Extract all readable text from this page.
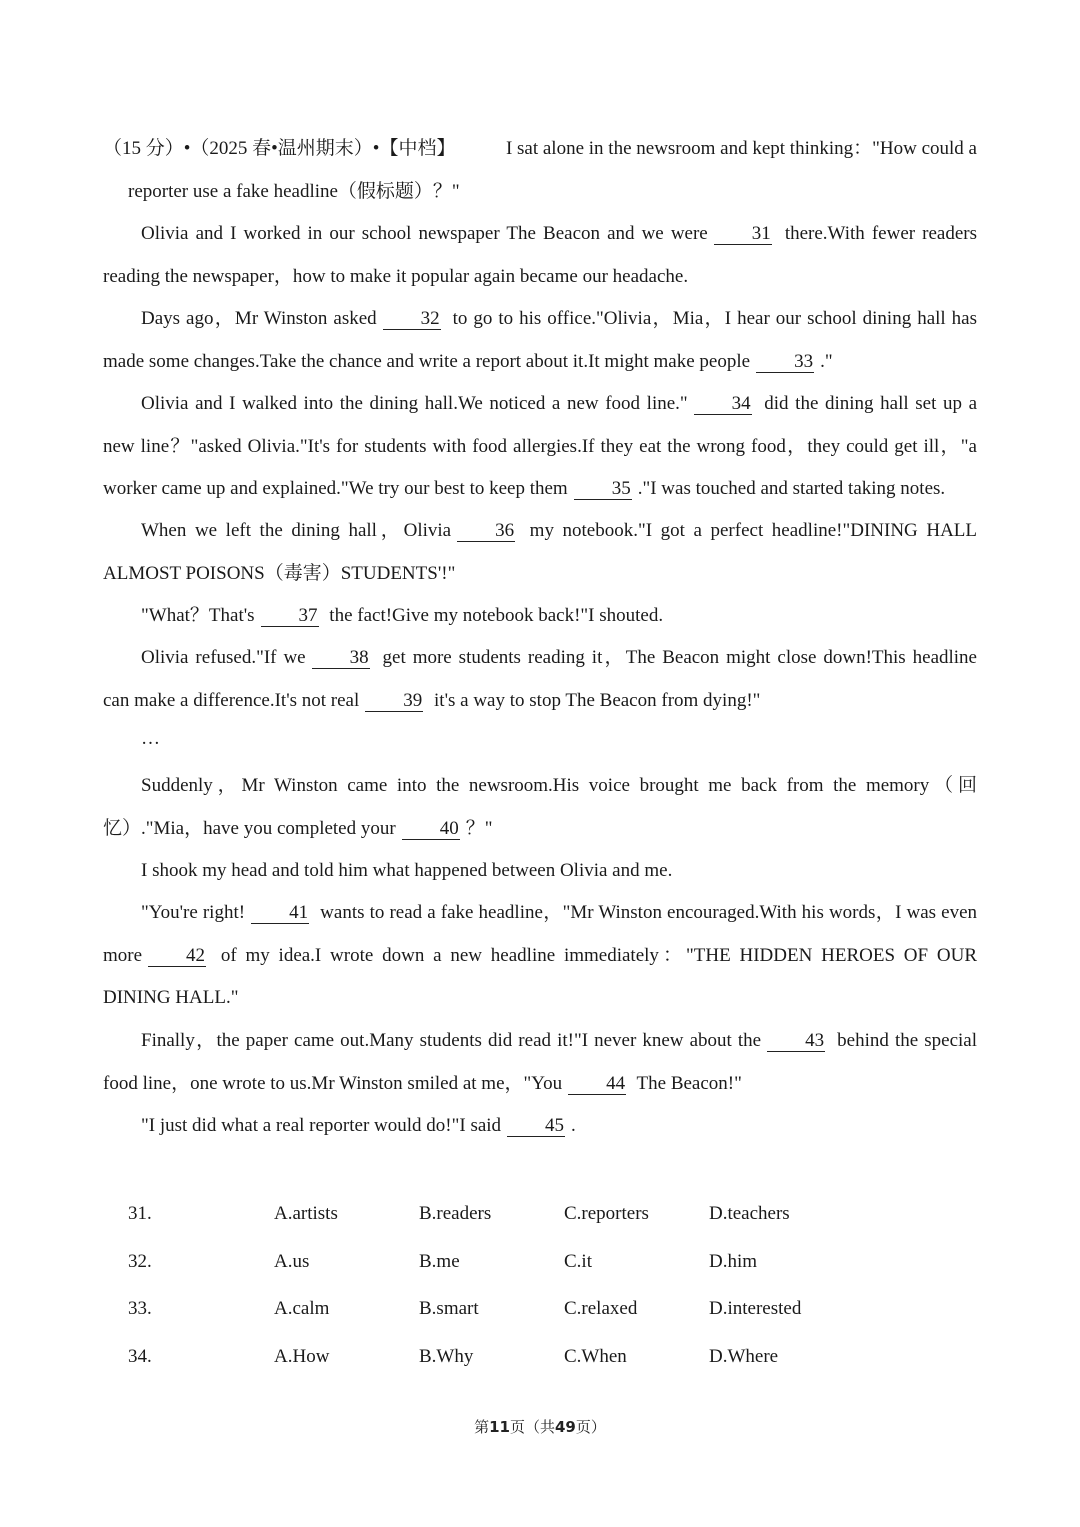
（15 分）•（2025 春•温州期末）•【中档】	I sat alone in the newsroom and kept thinking："How could a
reporter use a fake headline（假标题）？"

Olivia and I worked in our school newspaper The Beacon and we were 31 there.With fewer readers reading the newspaper，how to make it popular again became our headache.

Days ago，Mr Winston asked 32 to go to his office."Olivia，Mia，I hear our school dining hall has made some changes.Take the chance and write a report about it.It might make people 33 ."

Olivia and I walked into the dining hall.We noticed a new food line." 34 did the dining hall set up a new line？"asked Olivia."It's for students with food allergies.If they eat the wrong food，they could get ill，"a worker came up and explained."We try our best to keep them 35 ."I was touched and started taking notes.

When we left the dining hall，Olivia 36 my notebook."I got a perfect headline!"DINING HALL ALMOST POISONS（毒害）STUDENTS'!"

"What？That's 37 the fact!Give my notebook back!"I shouted.

Olivia refused."If we 38 get more students reading it，The Beacon might close down!This headline can make a difference.It's not real 39 it's a way to stop The Beacon from dying!"

…

Suddenly，Mr Winston came into the newsroom.His voice brought me back from the memory（回忆）."Mia，have you completed your 40 ？"

I shook my head and told him what happened between Olivia and me.

"You're right! 41 wants to read a fake headline，"Mr Winston encouraged.With his words，I was even more 42 of my idea.I wrote down a new headline immediately："THE HIDDEN HEROES OF OUR DINING HALL."

Finally，the paper came out.Many students did read it!"I never knew about the 43 behind the special food line，one wrote to us.Mr Winston smiled at me，"You 44 The Beacon!"

"I just did what a real reporter would do!"I said 45 .

31.	A.artists	B.readers	C.reporters	D.teachers
32.	A.us	B.me	C.it	D.him
33.	A.calm	B.smart	C.relaxed	D.interested
34.	A.How	B.Why	C.When	D.Where
第11页（共49页）
